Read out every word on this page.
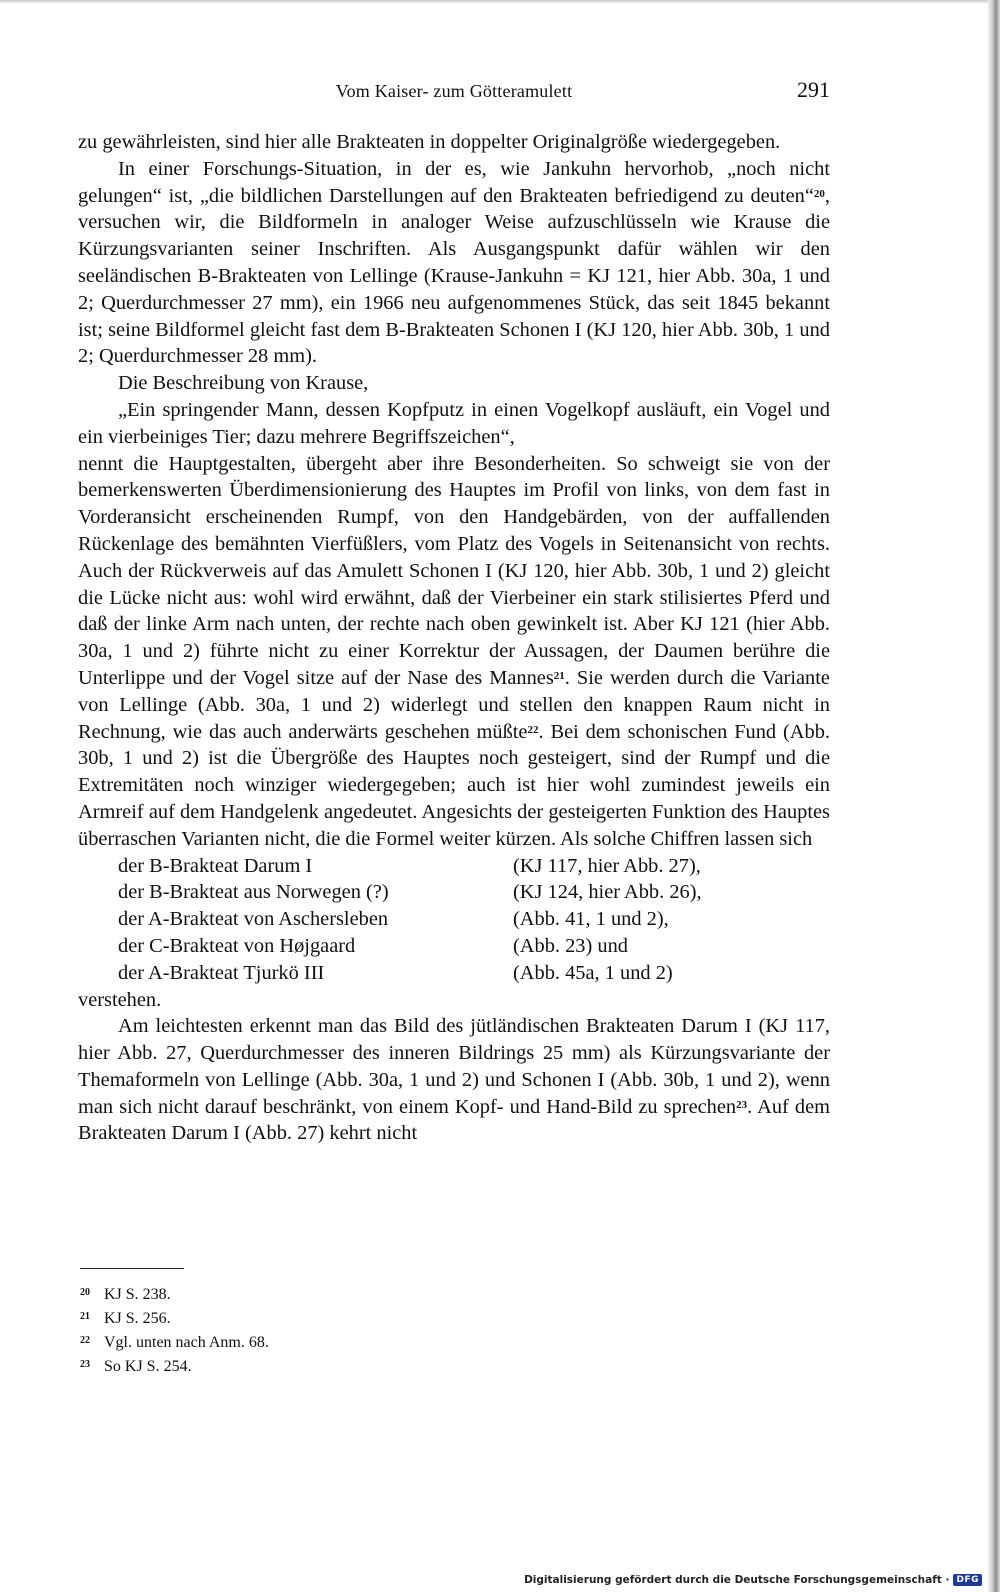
Vom Kaiser- zum Götteramulett	291

zu gewährleisten, sind hier alle Brakteaten in doppelter Originalgröße wiedergegeben.

In einer Forschungs-Situation, in der es, wie Jankuhn hervorhob, „noch nicht gelungen“ ist, „die bildlichen Darstellungen auf den Brakteaten befriedigend zu deuten“$^{20}$, versuchen wir, die Bildformeln in analoger Weise aufzuschlüsseln wie Krause die Kürzungsvarianten seiner Inschriften. Als Ausgangspunkt dafür wählen wir den seeländischen B-Brakteaten von Lellinge (Krause-Jankuhn = KJ 121, hier Abb. 30a, 1 und 2; Querdurchmesser 27 mm), ein 1966 neu aufgenommenes Stück, das seit 1845 bekannt ist; seine Bildformel gleicht fast dem B-Brakteaten Schonen I (KJ 120, hier Abb. 30b, 1 und 2; Querdurchmesser 28 mm).

Die Beschreibung von Krause,

„Ein springender Mann, dessen Kopfputz in einen Vogelkopf ausläuft, ein Vogel und ein vierbeiniges Tier; dazu mehrere Begriffszeichen“,

nennt die Hauptgestalten, übergeht aber ihre Besonderheiten. So schweigt sie von der bemerkenswerten Überdimensionierung des Hauptes im Profil von links, von dem fast in Vorderansicht erscheinenden Rumpf, von den Handgebärden, von der auffallenden Rückenlage des bemähnten Vierfüßlers, vom Platz des Vogels in Seitenansicht von rechts. Auch der Rückverweis auf das Amulett Schonen I (KJ 120, hier Abb. 30b, 1 und 2) gleicht die Lücke nicht aus: wohl wird erwähnt, daß der Vierbeiner ein stark stilisiertes Pferd und daß der linke Arm nach unten, der rechte nach oben gewinkelt ist. Aber KJ 121 (hier Abb. 30a, 1 und 2) führte nicht zu einer Korrektur der Aussagen, der Daumen berühre die Unterlippe und der Vogel sitze auf der Nase des Mannes$^{21}$. Sie werden durch die Variante von Lellinge (Abb. 30a, 1 und 2) widerlegt und stellen den knappen Raum nicht in Rechnung, wie das auch anderwärts geschehen müßte$^{22}$. Bei dem schonischen Fund (Abb. 30b, 1 und 2) ist die Übergröße des Hauptes noch gesteigert, sind der Rumpf und die Extremitäten noch winziger wiedergegeben; auch ist hier wohl zumindest jeweils ein Armreif auf dem Handgelenk angedeutet. Angesichts der gesteigerten Funktion des Hauptes überraschen Varianten nicht, die die Formel weiter kürzen. Als solche Chiffren lassen sich

der B-Brakteat Darum I	(KJ 117, hier Abb. 27),
der B-Brakteat aus Norwegen (?)	(KJ 124, hier Abb. 26),
der A-Brakteat von Aschersleben	(Abb. 41, 1 und 2),
der C-Brakteat von Højgaard	(Abb. 23) und
der A-Brakteat Tjurkö III	(Abb. 45a, 1 und 2)

verstehen.

Am leichtesten erkennt man das Bild des jütländischen Brakteaten Darum I (KJ 117, hier Abb. 27, Querdurchmesser des inneren Bildrings 25 mm) als Kürzungsvariante der Themaformeln von Lellinge (Abb. 30a, 1 und 2) und Schonen I (Abb. 30b, 1 und 2), wenn man sich nicht darauf beschränkt, von einem Kopf- und Hand-Bild zu sprechen$^{23}$. Auf dem Brakteaten Darum I (Abb. 27) kehrt nicht

20 KJ S. 238.
21 KJ S. 256.
22 Vgl. unten nach Anm. 68.
23 So KJ S. 254.
Digitalisierung gefördert durch die Deutsche Forschungsgemeinschaft · DFG
